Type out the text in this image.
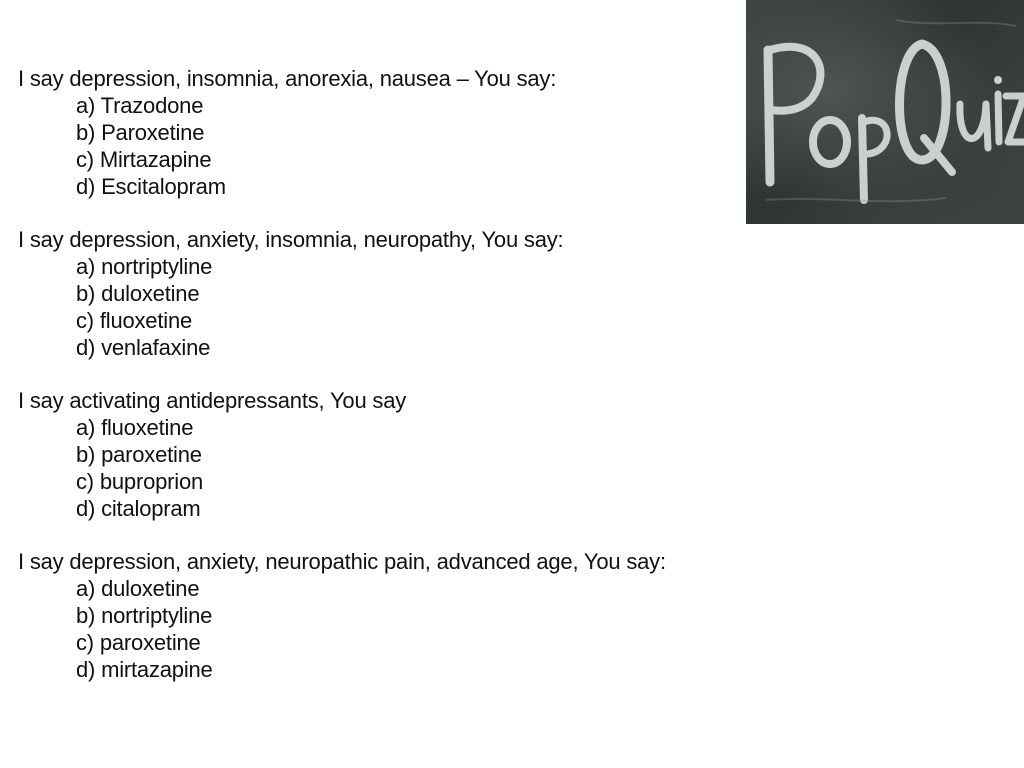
I say depression, insomnia, anorexia, nausea – You say:
a) Trazodone
b) Paroxetine
c) Mirtazapine
d) Escitalopram
I say depression, anxiety, insomnia, neuropathy, You say:
a) nortriptyline
b) duloxetine
c) fluoxetine
d) venlafaxine
I say activating antidepressants, You say
a) fluoxetine
b) paroxetine
c) buproprion
d) citalopram
I say depression, anxiety, neuropathic pain, advanced age, You say:
a) duloxetine
b) nortriptyline
c) paroxetine
d) mirtazapine
